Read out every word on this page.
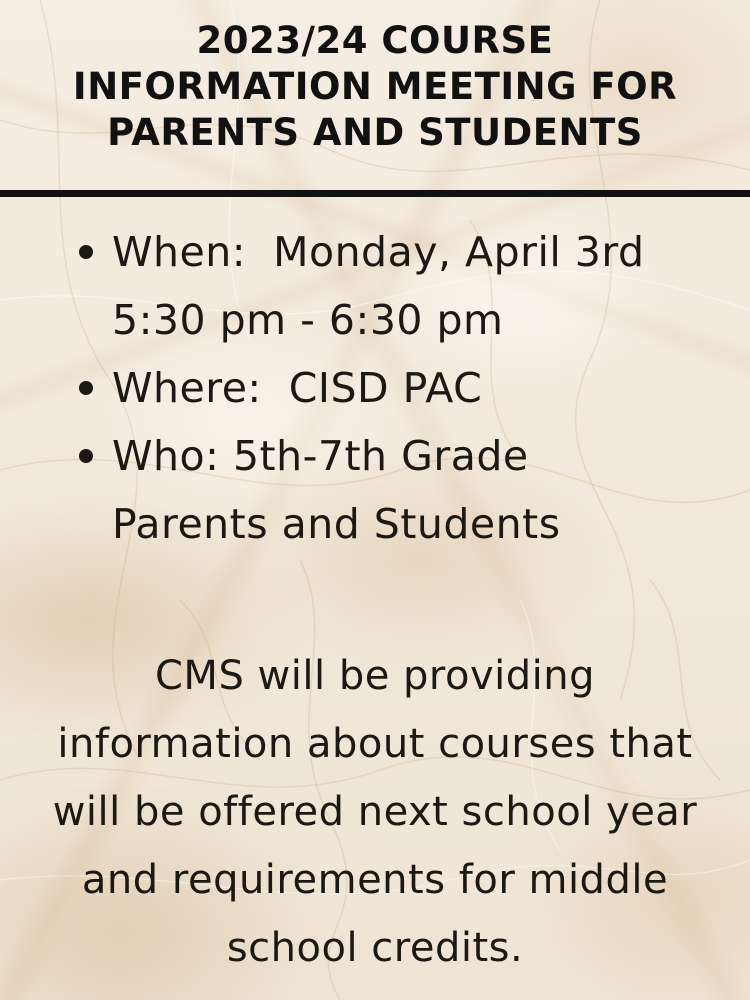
2023/24 COURSE
INFORMATION MEETING FOR
PARENTS AND STUDENTS
When:  Monday, April 3rd
5:30 pm - 6:30 pm
Where:  CISD PAC
Who: 5th-7th Grade
Parents and Students
CMS will be providing
information about courses that
will be offered next school year
and requirements for middle
school credits.
